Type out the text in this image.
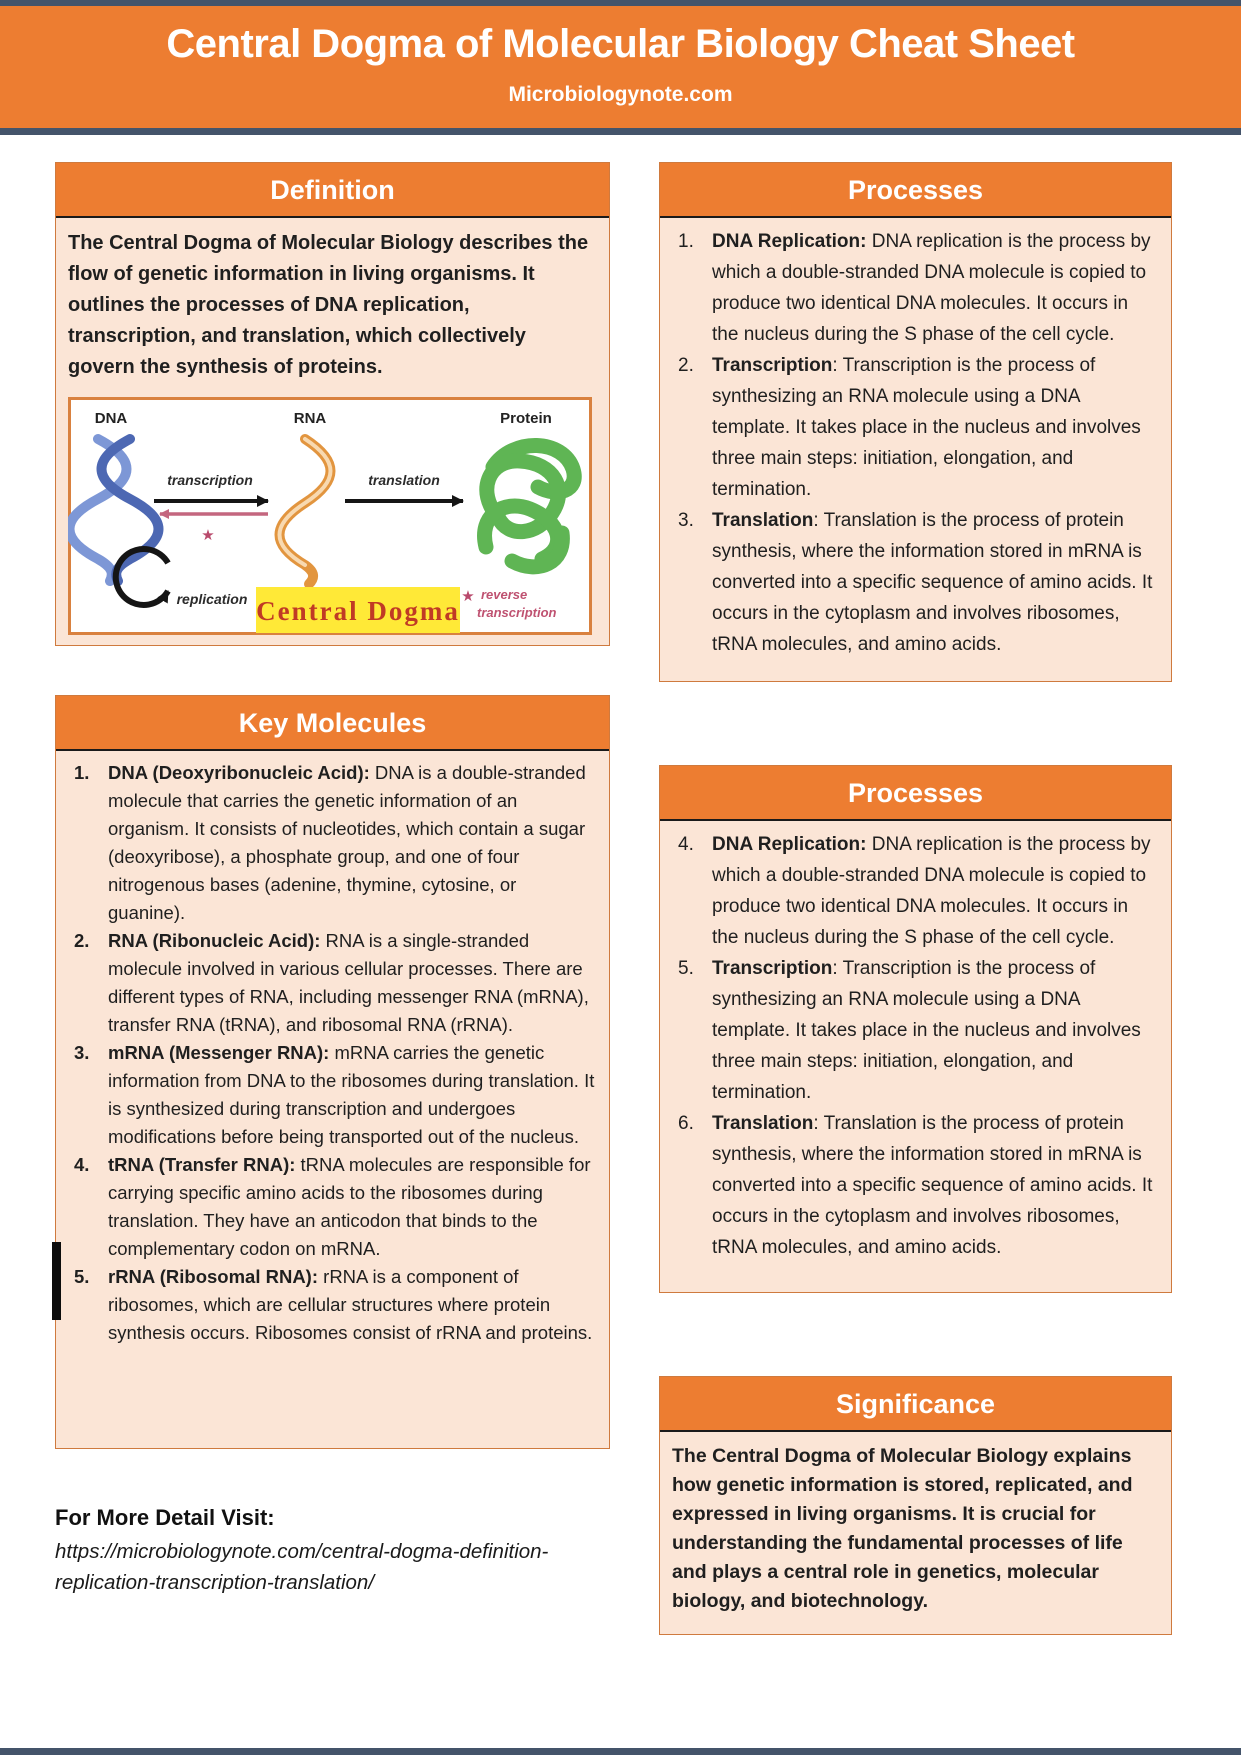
Central Dogma of Molecular Biology Cheat Sheet
Microbiologynote.com
Definition

The Central Dogma of Molecular Biology describes the flow of genetic information in living organisms. It outlines the processes of DNA replication, transcription, and translation, which collectively govern the synthesis of proteins.

DNA	RNA	Protein
transcription
★
translation
replication Central Dogma ★ reverse
transcription
Processes
1. DNA Replication: DNA replication is the process by which a double-stranded DNA molecule is copied to produce two identical DNA molecules. It occurs in the nucleus during the S phase of the cell cycle.

2. Transcription: Transcription is the process of synthesizing an RNA molecule using a DNA template. It takes place in the nucleus and involves three main steps: initiation, elongation, and termination.

3. Translation: Translation is the process of protein synthesis, where the information stored in mRNA is converted into a specific sequence of amino acids. It occurs in the cytoplasm and involves ribosomes, tRNA molecules, and amino acids.

Key Molecules
1.	DNA (Deoxyribonucleic Acid): DNA is a double-stranded molecule that carries the genetic information of an organism. It consists of nucleotides, which contain a sugar (deoxyribose), a phosphate group, and one of four nitrogenous bases (adenine, thymine, cytosine, or guanine).

2.	RNA (Ribonucleic Acid): RNA is a single-stranded molecule involved in various cellular processes. There are different types of RNA, including messenger RNA (mRNA), transfer RNA (tRNA), and ribosomal RNA (rRNA).

3.	mRNA (Messenger RNA): mRNA carries the genetic information from DNA to the ribosomes during translation. It is synthesized during transcription and undergoes modifications before being transported out of the nucleus.

4.	tRNA (Transfer RNA): tRNA molecules are responsible for carrying specific amino acids to the ribosomes during translation. They have an anticodon that binds to the complementary codon on mRNA.

5.	rRNA (Ribosomal RNA): rRNA is a component of ribosomes, which are cellular structures where protein synthesis occurs. Ribosomes consist of rRNA and proteins.

Processes
4. DNA Replication: DNA replication is the process by which a double-stranded DNA molecule is copied to produce two identical DNA molecules. It occurs in the nucleus during the S phase of the cell cycle.

5. Transcription: Transcription is the process of synthesizing an RNA molecule using a DNA template. It takes place in the nucleus and involves three main steps: initiation, elongation, and termination.

6. Translation: Translation is the process of protein synthesis, where the information stored in mRNA is converted into a specific sequence of amino acids. It occurs in the cytoplasm and involves ribosomes, tRNA molecules, and amino acids.

Significance

The Central Dogma of Molecular Biology explains how genetic information is stored, replicated, and expressed in living organisms. It is crucial for understanding the fundamental processes of life and plays a central role in genetics, molecular biology, and biotechnology.

For More Detail Visit:
https://microbiologynote.com/central-dogma-definition-
replication-transcription-translation/
